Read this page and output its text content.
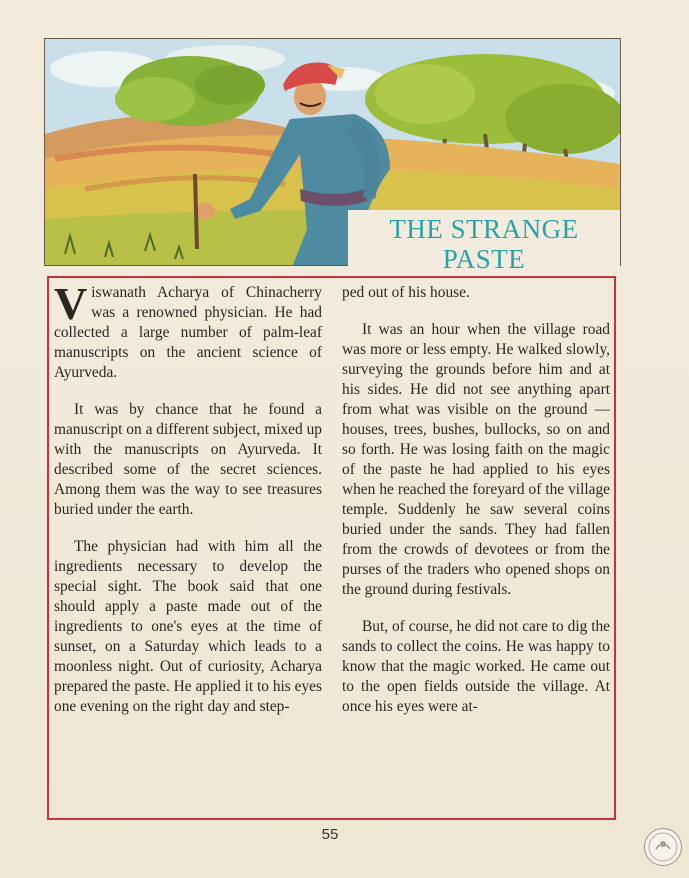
THE STRANGE
PASTE

Viswanath Acharya of Chinacherry was a renowned physician. He had collected a large number of palm-leaf manuscripts on the ancient science of Ayurveda.

It was by chance that he found a manuscript on a different subject, mixed up with the manuscripts on Ayurveda. It described some of the secret sciences. Among them was the way to see treasures buried under the earth.

The physician had with him all the ingredients necessary to develop the special sight. The book said that one should apply a paste made out of the ingredients to one's eyes at the time of sunset, on a Saturday which leads to a moonless night. Out of curiosity, Acharya prepared the paste. He applied it to his eyes one evening on the right day and step-

ped out of his house.

It was an hour when the village road was more or less empty. He walked slowly, surveying the grounds before him and at his sides. He did not see anything apart from what was visible on the ground — houses, trees, bushes, bullocks, so on and so forth. He was losing faith on the magic of the paste he had applied to his eyes when he reached the foreyard of the village temple. Suddenly he saw several coins buried under the sands. They had fallen from the crowds of devotees or from the purses of the traders who opened shops on the ground during festivals.

But, of course, he did not care to dig the sands to collect the coins. He was happy to know that the magic worked. He came out to the open fields outside the village. At once his eyes were at-

55
